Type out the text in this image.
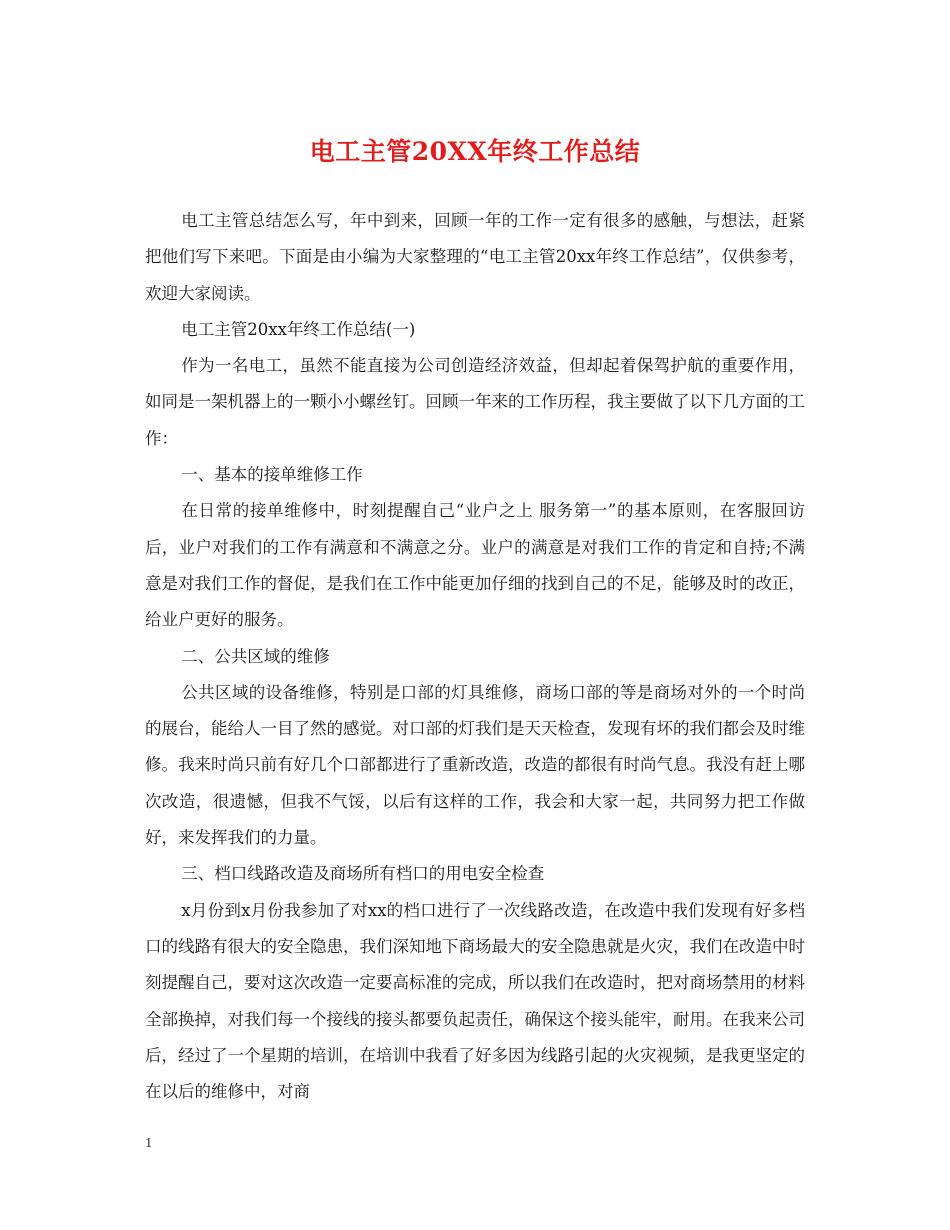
电工主管20XX年终工作总结

电工主管总结怎么写，年中到来，回顾一年的工作一定有很多的感触，与想法，赶紧把他们写下来吧。下面是由小编为大家整理的“电工主管20xx年终工作总结”，仅供参考，欢迎大家阅读。

电工主管20xx年终工作总结(一)

作为一名电工，虽然不能直接为公司创造经济效益，但却起着保驾护航的重要作用，如同是一架机器上的一颗小小螺丝钉。回顾一年来的工作历程，我主要做了以下几方面的工作：

一、基本的接单维修工作

在日常的接单维修中，时刻提醒自己“业户之上 服务第一”的基本原则，在客服回访后，业户对我们的工作有满意和不满意之分。业户的满意是对我们工作的肯定和自持;不满意是对我们工作的督促，是我们在工作中能更加仔细的找到自己的不足，能够及时的改正，给业户更好的服务。

二、公共区域的维修

公共区域的设备维修，特别是口部的灯具维修，商场口部的等是商场对外的一个时尚的展台，能给人一目了然的感觉。对口部的灯我们是天天检查，发现有坏的我们都会及时维修。我来时尚只前有好几个口部都进行了重新改造，改造的都很有时尚气息。我没有赶上哪次改造，很遗憾，但我不气馁，以后有这样的工作，我会和大家一起，共同努力把工作做好，来发挥我们的力量。

三、档口线路改造及商场所有档口的用电安全检查

x月份到x月份我参加了对xx的档口进行了一次线路改造，在改造中我们发现有好多档口的线路有很大的安全隐患，我们深知地下商场最大的安全隐患就是火灾，我们在改造中时刻提醒自己，要对这次改造一定要高标准的完成，所以我们在改造时，把对商场禁用的材料全部换掉，对我们每一个接线的接头都要负起责任，确保这个接头能牢，耐用。在我来公司后，经过了一个星期的培训，在培训中我看了好多因为线路引起的火灾视频，是我更坚定的在以后的维修中，对商

1
